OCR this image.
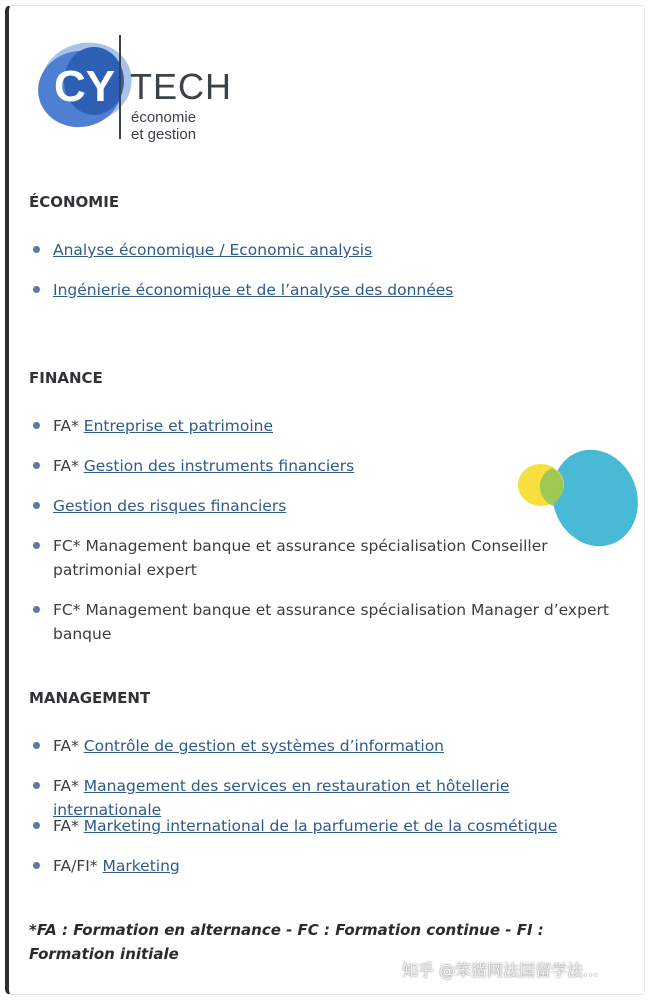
CY TECH
économie
et gestion
ÉCONOMIE
Analyse économique / Economic analysis
Ingénierie économique et de l’analyse des données
FINANCE
FA* Entreprise et patrimoine
FA* Gestion des instruments financiers
Gestion des risques financiers
FC* Management banque et assurance spécialisation Conseiller patrimonial expert
FC* Management banque et assurance spécialisation Manager d’expert banque
MANAGEMENT
FA* Contrôle de gestion et systèmes d’information
FA* Management des services en restauration et hôtellerie internationale
FA* Marketing international de la parfumerie et de la cosmétique
FA/FI* Marketing
*FA : Formation en alternance - FC : Formation continue - FI : Formation initiale
知乎 @笨猪网法国留学法...
